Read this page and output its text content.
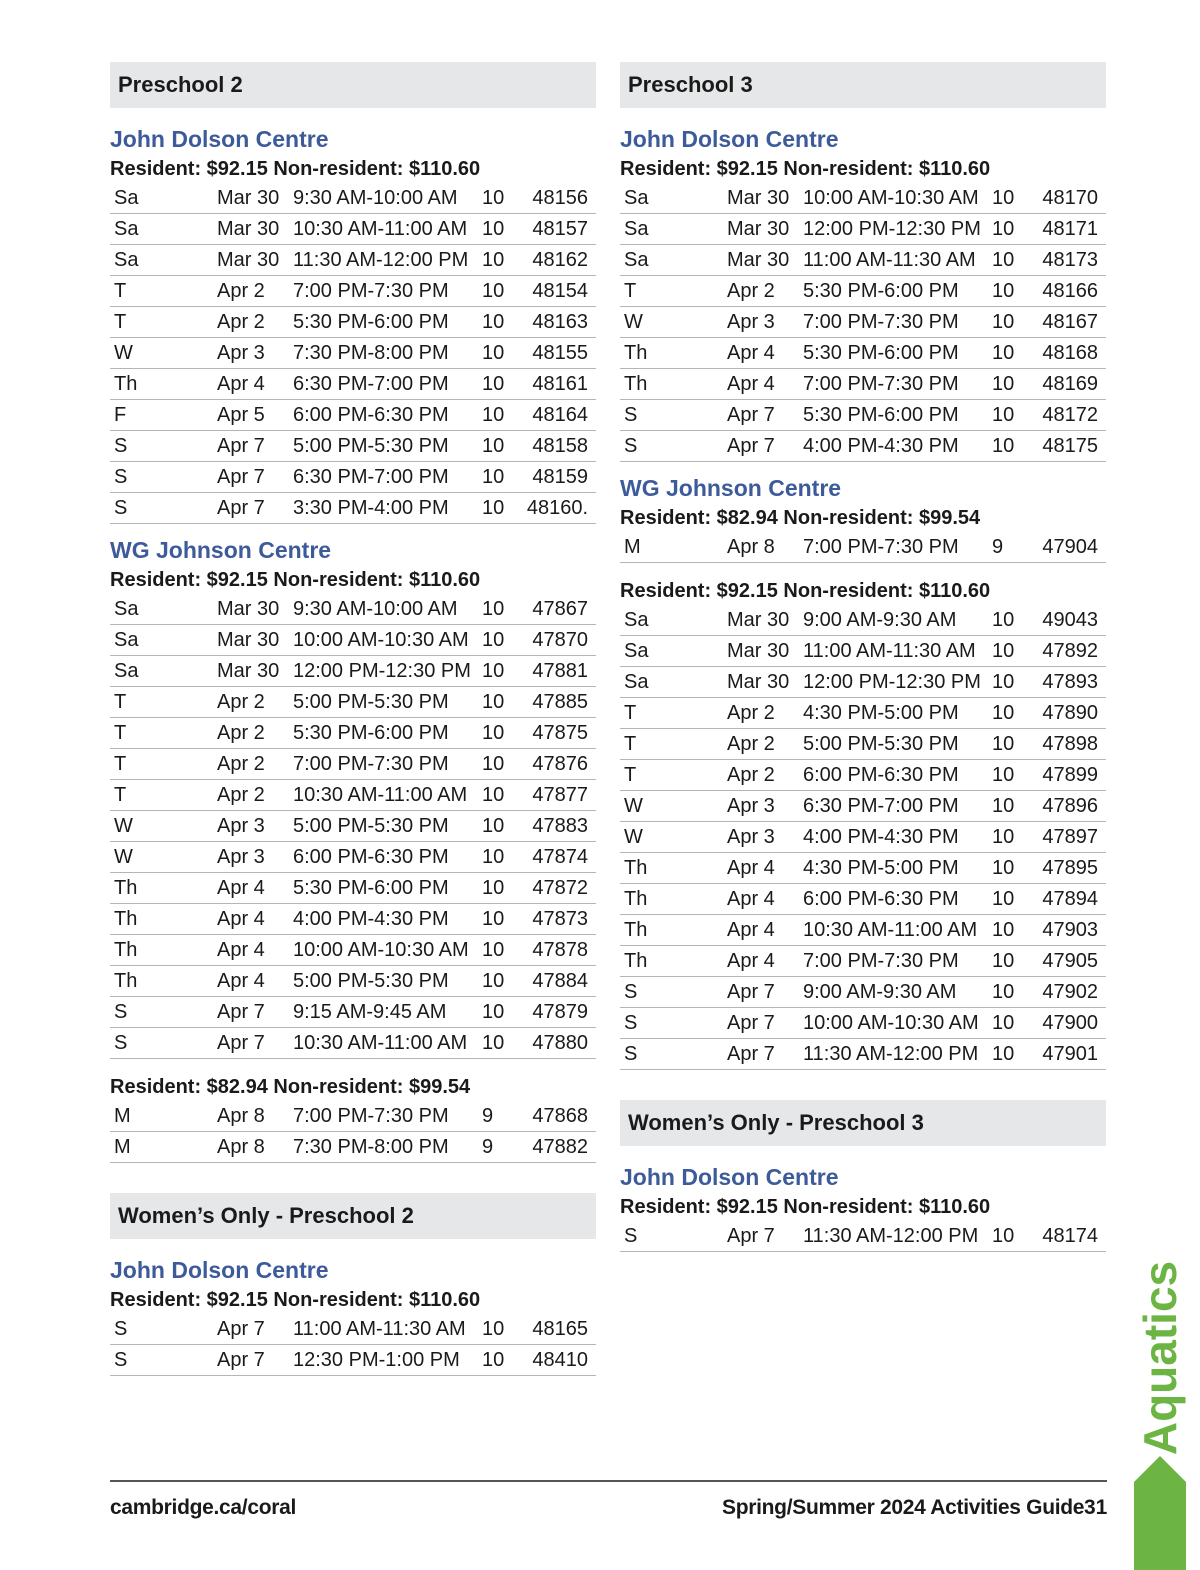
Preschool 2
John Dolson Centre
Resident: $92.15 Non-resident: $110.60
Sa	Mar 30 9:30 AM-10:00 AM 10 48156
Sa	Mar 30 10:30 AM-11:00 AM 10 48157
Sa	Mar 30 11:30 AM-12:00 PM 10 48162
T	Apr 2 7:00 PM-7:30 PM 10 48154
T	Apr 2 5:30 PM-6:00 PM 10 48163
W	Apr 3 7:30 PM-8:00 PM 10 48155
Th	Apr 4 6:30 PM-7:00 PM 10 48161
F	Apr 5 6:00 PM-6:30 PM 10 48164
S	Apr 7 5:00 PM-5:30 PM 10 48158
S	Apr 7 6:30 PM-7:00 PM 10 48159
S	Apr 7 3:30 PM-4:00 PM 10 48160.
WG Johnson Centre
Resident: $92.15 Non-resident: $110.60
Sa	Mar 30 9:30 AM-10:00 AM 10 47867
Sa	Mar 30 10:00 AM-10:30 AM 10 47870
Sa	Mar 30 12:00 PM-12:30 PM 10 47881
T	Apr 2 5:00 PM-5:30 PM 10 47885
T	Apr 2 5:30 PM-6:00 PM 10 47875
T	Apr 2 7:00 PM-7:30 PM 10 47876
T	Apr 2 10:30 AM-11:00 AM 10 47877
W	Apr 3 5:00 PM-5:30 PM 10 47883
W	Apr 3 6:00 PM-6:30 PM 10 47874
Th	Apr 4 5:30 PM-6:00 PM 10 47872
Th	Apr 4 4:00 PM-4:30 PM 10 47873
Th	Apr 4 10:00 AM-10:30 AM 10 47878
Th	Apr 4 5:00 PM-5:30 PM 10 47884
S	Apr 7 9:15 AM-9:45 AM 10 47879
S	Apr 7 10:30 AM-11:00 AM 10 47880
Resident: $82.94 Non-resident: $99.54
M	Apr 8 7:00 PM-7:30 PM 9 47868
M	Apr 8 7:30 PM-8:00 PM 9 47882
Women’s Only - Preschool 2
John Dolson Centre
Resident: $92.15 Non-resident: $110.60
S	Apr 7 11:00 AM-11:30 AM 10 48165
S	Apr 7 12:30 PM-1:00 PM 10 48410
Preschool 3
John Dolson Centre
Resident: $92.15 Non-resident: $110.60
Sa	Mar 30 10:00 AM-10:30 AM 10 48170
Sa	Mar 30 12:00 PM-12:30 PM 10 48171
Sa	Mar 30 11:00 AM-11:30 AM 10 48173
T	Apr 2 5:30 PM-6:00 PM 10 48166
W	Apr 3 7:00 PM-7:30 PM 10 48167
Th	Apr 4 5:30 PM-6:00 PM 10 48168
Th	Apr 4 7:00 PM-7:30 PM 10 48169
S	Apr 7 5:30 PM-6:00 PM 10 48172
S	Apr 7 4:00 PM-4:30 PM 10 48175
WG Johnson Centre
Resident: $82.94 Non-resident: $99.54
M	Apr 8 7:00 PM-7:30 PM 9 47904
Resident: $92.15 Non-resident: $110.60
Sa	Mar 30 9:00 AM-9:30 AM 10 49043
Sa	Mar 30 11:00 AM-11:30 AM 10 47892
Sa	Mar 30 12:00 PM-12:30 PM 10 47893
T	Apr 2 4:30 PM-5:00 PM 10 47890
T	Apr 2 5:00 PM-5:30 PM 10 47898
T	Apr 2 6:00 PM-6:30 PM 10 47899
W	Apr 3 6:30 PM-7:00 PM 10 47896
W	Apr 3 4:00 PM-4:30 PM 10 47897
Th	Apr 4 4:30 PM-5:00 PM 10 47895
Th	Apr 4 6:00 PM-6:30 PM 10 47894
Th	Apr 4 10:30 AM-11:00 AM 10 47903
Th	Apr 4 7:00 PM-7:30 PM 10 47905
S	Apr 7 9:00 AM-9:30 AM 10 47902
S	Apr 7 10:00 AM-10:30 AM 10 47900
S	Apr 7 11:30 AM-12:00 PM 10 47901
Women’s Only - Preschool 3
John Dolson Centre
Resident: $92.15 Non-resident: $110.60
S	Apr 7 11:30 AM-12:00 PM 10 48174
cambridge.ca/coral	Spring/Summer 2024 Activities Guide 31
Aquatics
